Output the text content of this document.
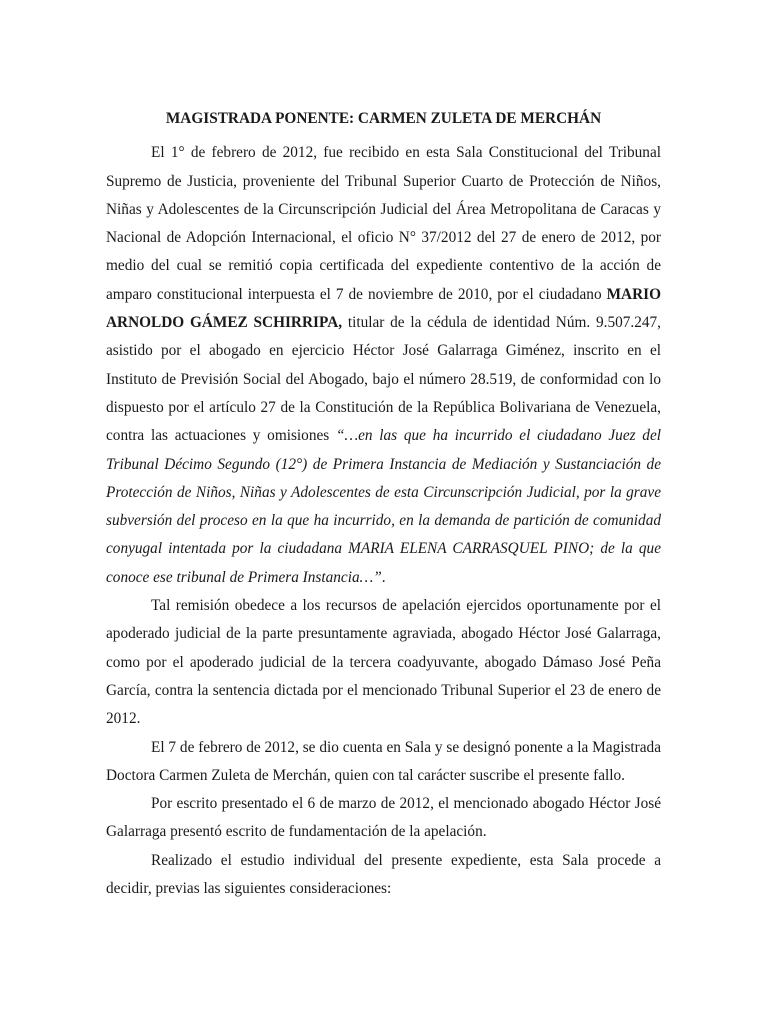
MAGISTRADA PONENTE: CARMEN ZULETA DE MERCHÁN

El 1° de febrero de 2012, fue recibido en esta Sala Constitucional del Tribunal Supremo de Justicia, proveniente del Tribunal Superior Cuarto de Protección de Niños, Niñas y Adolescentes de la Circunscripción Judicial del Área Metropolitana de Caracas y Nacional de Adopción Internacional, el oficio N° 37/2012 del 27 de enero de 2012, por medio del cual se remitió copia certificada del expediente contentivo de la acción de amparo constitucional interpuesta el 7 de noviembre de 2010, por el ciudadano MARIO ARNOLDO GÁMEZ SCHIRRIPA, titular de la cédula de identidad Núm. 9.507.247, asistido por el abogado en ejercicio Héctor José Galarraga Giménez, inscrito en el Instituto de Previsión Social del Abogado, bajo el número 28.519, de conformidad con lo dispuesto por el artículo 27 de la Constitución de la República Bolivariana de Venezuela, contra las actuaciones y omisiones “…en las que ha incurrido el ciudadano Juez del Tribunal Décimo Segundo (12°) de Primera Instancia de Mediación y Sustanciación de Protección de Niños, Niñas y Adolescentes de esta Circunscripción Judicial, por la grave subversión del proceso en la que ha incurrido, en la demanda de partición de comunidad conyugal intentada por la ciudadana MARIA ELENA CARRASQUEL PINO; de la que conoce ese tribunal de Primera Instancia…”.

Tal remisión obedece a los recursos de apelación ejercidos oportunamente por el apoderado judicial de la parte presuntamente agraviada, abogado Héctor José Galarraga, como por el apoderado judicial de la tercera coadyuvante, abogado Dámaso José Peña García, contra la sentencia dictada por el mencionado Tribunal Superior el 23 de enero de 2012.

El 7 de febrero de 2012, se dio cuenta en Sala y se designó ponente a la Magistrada Doctora Carmen Zuleta de Merchán, quien con tal carácter suscribe el presente fallo.

Por escrito presentado el 6 de marzo de 2012, el mencionado abogado Héctor José Galarraga presentó escrito de fundamentación de la apelación.

Realizado el estudio individual del presente expediente, esta Sala procede a decidir, previas las siguientes consideraciones:
